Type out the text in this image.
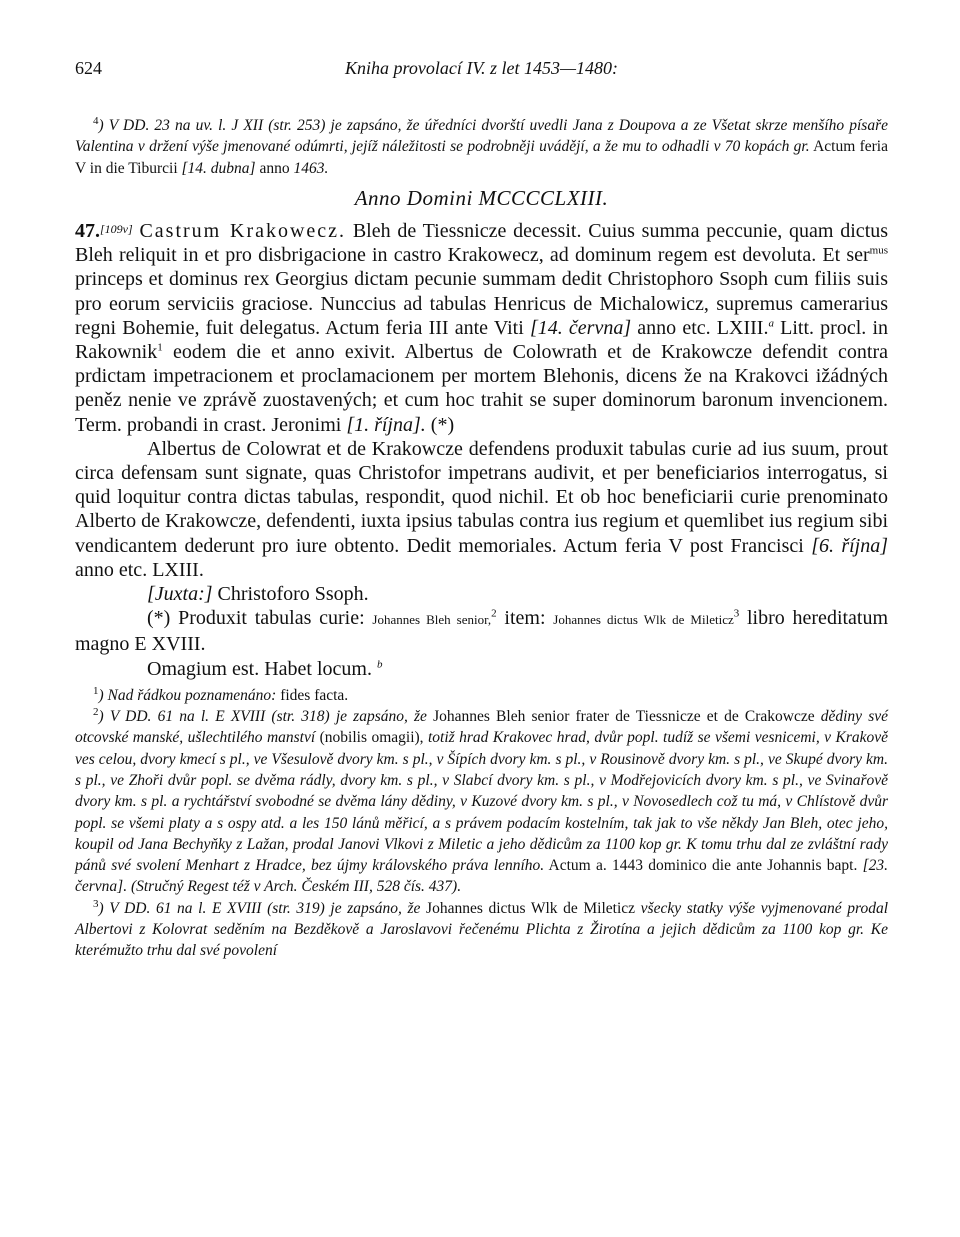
624	Kniha provolací IV. z let 1453—1480:

$^4$) V DD. 23 na uv. l. J XII (str. 253) je zapsáno, že úředníci dvorští uvedli Jana z Doupova a ze Všetat skrze menšího písaře Valentina v držení výše jmenované odúmrti, jejíž náležitosti se podrobněji uvádějí, a že mu to odhadli v 70 kopách gr. Actum feria V in die Tiburcii [14. dubna] anno 1463.

Anno Domini MCCCCLXIII.

47.[109v] Castrum Krakowecz. Bleh de Tiessnicze decessit. Cuius summa peccunie, quam dictus Bleh reliquit in et pro disbrigacione in castro Krakowecz, ad dominum regem est devoluta. Et ser$^{mus}$ princeps et dominus rex Georgius dictam pecunie summam dedit Christophoro Ssoph cum filiis suis pro eorum serviciis graciose. Nunccius ad tabulas Henricus de Michalowicz, supremus camerarius regni Bohemie, fuit delegatus. Actum feria III ante Viti [14. června] anno etc. LXIII.$^a$ Litt. procl. in Rakownik$^1$ eodem die et anno exivit. Albertus de Colowrath et de Krakowcze defendit contra prdictam impetracionem et proclamacionem per mortem Blehonis, dicens že na Krakovci ižádných peněz nenie ve zprávě zuostavených; et cum hoc trahit se super dominorum baronum invencionem. Term. probandi in crast. Jeronimi [1. října]. (*)

Albertus de Colowrat et de Krakowcze defendens produxit tabulas curie ad ius suum, prout circa defensam sunt signate, quas Christofor impetrans audivit, et per beneficiarios interrogatus, si quid loquitur contra dictas tabulas, respondit, quod nichil. Et ob hoc beneficiarii curie prenominato Alberto de Krakowcze, defendenti, iuxta ipsius tabulas contra ius regium et quemlibet ius regium sibi vendicantem dederunt pro iure obtento. Dedit memoriales. Actum feria V post Francisci [6. října] anno etc. LXIII.

[Juxta:] Christoforo Ssoph.

(*) Produxit tabulas curie: Johannes Bleh senior,$^2$ item: Johannes dictus Wlk de Mileticz$^3$ libro hereditatum magno E XVIII.

Omagium est. Habet locum. $^b$

$^1$) Nad řádkou poznamenáno: fides facta.

$^2$) V DD. 61 na l. E XVIII (str. 318) je zapsáno, že Johannes Bleh senior frater de Tiessnicze et de Crakowcze dědiny své otcovské manské, ušlechtilého manství (nobilis omagii), totiž hrad Krakovec hrad, dvůr popl. tudíž se všemi vesnicemi, v Krakově ves celou, dvory kmecí s pl., ve Všesulově dvory km. s pl., v Šípích dvory km. s pl., v Rousinově dvory km. s pl., ve Skupé dvory km. s pl., ve Zhoři dvůr popl. se dvěma rádly, dvory km. s pl., v Slabcí dvory km. s pl., v Modřejovicích dvory km. s pl., ve Svinařově dvory km. s pl. a rychtářství svobodné se dvěma lány dědiny, v Kuzové dvory km. s pl., v Novosedlech což tu má, v Chlístově dvůr popl. se všemi platy a s ospy atd. a les 150 lánů měřicí, a s právem podacím kostelním, tak jak to vše někdy Jan Bleh, otec jeho, koupil od Jana Bechyňky z Lažan, prodal Janovi Vlkovi z Miletic a jeho dědicům za 1100 kop gr. K tomu trhu dal ze zvláštní rady pánů své svolení Menhart z Hradce, bez újmy královského práva lenního. Actum a. 1443 dominico die ante Johannis bapt. [23. června]. (Stručný Regest též v Arch. Českém III, 528 čís. 437).

$^3$) V DD. 61 na l. E XVIII (str. 319) je zapsáno, že Johannes dictus Wlk de Mileticz všecky statky výše vyjmenované prodal Albertovi z Kolovrat seděním na Bezděkově a Jaroslavovi řečenému Plichta z Žirotína a jejich dědicům za 1100 kop gr. Ke kterémužto trhu dal své povolení
